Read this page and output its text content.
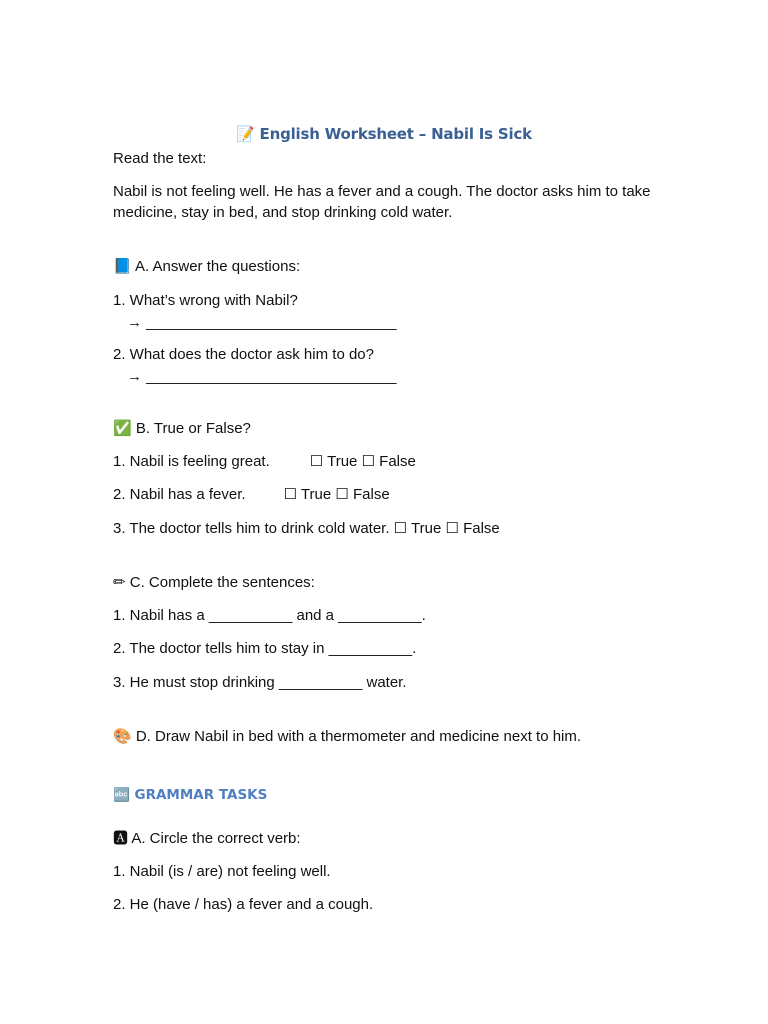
📝 English Worksheet – Nabil Is Sick
Read the text:
Nabil is not feeling well. He has a fever and a cough. The doctor asks him to take medicine, stay in bed, and stop drinking cold water.
📘 A. Answer the questions:
1. What’s wrong with Nabil?
→ ______________________________
2. What does the doctor ask him to do?
→ ______________________________
✅ B. True or False?
1. Nabil is feeling great.	☐ True ☐ False
2. Nabil has a fever.	☐ True ☐ False
3. The doctor tells him to drink cold water. ☐ True ☐ False
✏ C. Complete the sentences:
1. Nabil has a __________ and a __________.
2. The doctor tells him to stay in __________.
3. He must stop drinking __________ water.
🎨 D. Draw Nabil in bed with a thermometer and medicine next to him.
🔤 GRAMMAR TASKS
🅰 A. Circle the correct verb:
1. Nabil (is / are) not feeling well.
2. He (have / has) a fever and a cough.
